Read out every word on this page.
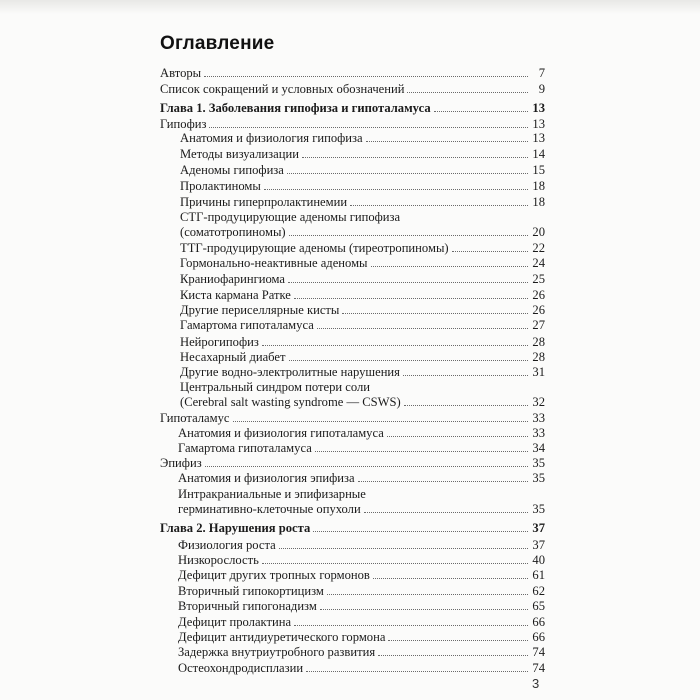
Оглавление
Авторы	7
Список сокращений и условных обозначений	9
Глава 1. Заболевания гипофиза и гипоталамуса	13
Гипофиз	13
Анатомия и физиология гипофиза	13
Методы визуализации	14
Аденомы гипофиза	15
Пролактиномы	18
Причины гиперпролактинемии	18
СТГ-продуцирующие аденомы гипофиза
(соматотропиномы)	20
ТТГ-продуцирующие аденомы (тиреотропиномы)	22
Гормонально-неактивные аденомы	24
Краниофарингиома	25
Киста кармана Ратке	26
Другие периселлярные кисты	26
Гамартома гипоталамуса	27
Нейрогипофиз	28
Несахарный диабет	28
Другие водно-электролитные нарушения	31
Центральный синдром потери соли
(Cerebral salt wasting syndrome — CSWS)	32
Гипоталамус	33
Анатомия и физиология гипоталамуса	33
Гамартома гипоталамуса	34
Эпифиз	35
Анатомия и физиология эпифиза	35
Интракраниальные и эпифизарные
герминативно-клеточные опухоли	35
Глава 2. Нарушения роста	37
Физиология роста	37
Низкорослость	40
Дефицит других тропных гормонов	61
Вторичный гипокортицизм	62
Вторичный гипогонадизм	65
Дефицит пролактина	66
Дефицит антидиуретического гормона	66
Задержка внутриутробного развития	74
Остеохондродисплазии	74
3
